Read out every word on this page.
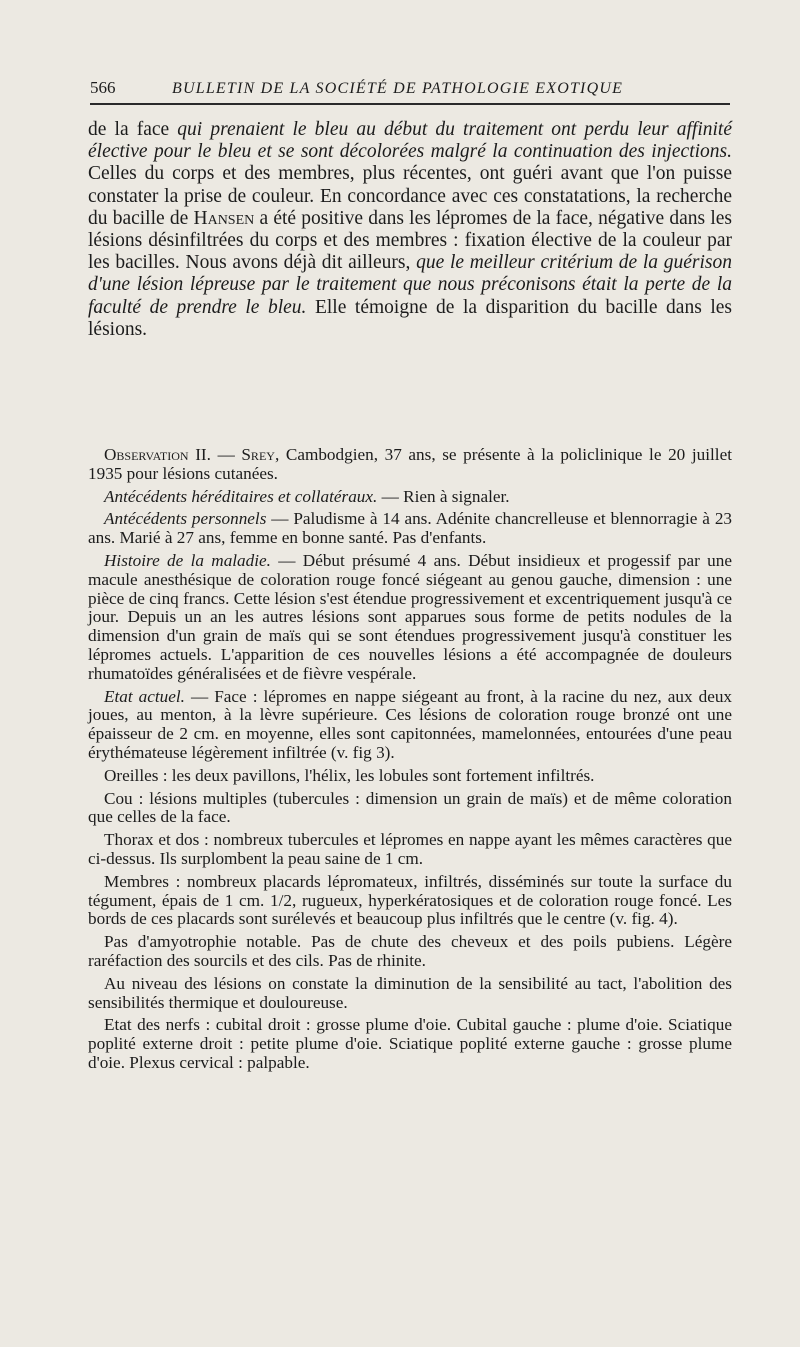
566	BULLETIN DE LA SOCIÉTÉ DE PATHOLOGIE EXOTIQUE

de la face qui prenaient le bleu au début du traitement ont perdu leur affinité élective pour le bleu et se sont décolorées malgré la continuation des injections. Celles du corps et des membres, plus récentes, ont guéri avant que l'on puisse constater la prise de couleur. En concordance avec ces constatations, la recherche du bacille de Hansen a été positive dans les lépromes de la face, négative dans les lésions désinfiltrées du corps et des membres : fixation élective de la couleur par les bacilles. Nous avons déjà dit ailleurs, que le meilleur critérium de la guérison d'une lésion lépreuse par le traitement que nous préconisons était la perte de la faculté de prendre le bleu. Elle témoigne de la disparition du bacille dans les lésions.

Observation II. — Srey, Cambodgien, 37 ans, se présente à la policlinique le 20 juillet 1935 pour lésions cutanées.

Antécédents héréditaires et collatéraux. — Rien à signaler.

Antécédents personnels — Paludisme à 14 ans. Adénite chancrelleuse et blennorragie à 23 ans. Marié à 27 ans, femme en bonne santé. Pas d'enfants.

Histoire de la maladie. — Début présumé 4 ans. Début insidieux et progessif par une macule anesthésique de coloration rouge foncé siégeant au genou gauche, dimension : une pièce de cinq francs. Cette lésion s'est étendue progressivement et excentriquement jusqu'à ce jour. Depuis un an les autres lésions sont apparues sous forme de petits nodules de la dimension d'un grain de maïs qui se sont étendues progressivement jusqu'à constituer les lépromes actuels. L'apparition de ces nouvelles lésions a été accompagnée de douleurs rhumatoïdes généralisées et de fièvre vespérale.

Etat actuel. — Face : lépromes en nappe siégeant au front, à la racine du nez, aux deux joues, au menton, à la lèvre supérieure. Ces lésions de coloration rouge bronzé ont une épaisseur de 2 cm. en moyenne, elles sont capitonnées, mamelonnées, entourées d'une peau érythémateuse légèrement infiltrée (v. fig 3).

Oreilles : les deux pavillons, l'hélix, les lobules sont fortement infiltrés.

Cou : lésions multiples (tubercules : dimension un grain de maïs) et de même coloration que celles de la face.

Thorax et dos : nombreux tubercules et lépromes en nappe ayant les mêmes caractères que ci-dessus. Ils surplombent la peau saine de 1 cm.

Membres : nombreux placards lépromateux, infiltrés, disséminés sur toute la surface du tégument, épais de 1 cm. 1/2, rugueux, hyperkératosiques et de coloration rouge foncé. Les bords de ces placards sont surélevés et beaucoup plus infiltrés que le centre (v. fig. 4).

Pas d'amyotrophie notable. Pas de chute des cheveux et des poils pubiens. Légère raréfaction des sourcils et des cils. Pas de rhinite.

Au niveau des lésions on constate la diminution de la sensibilité au tact, l'abolition des sensibilités thermique et douloureuse.

Etat des nerfs : cubital droit : grosse plume d'oie. Cubital gauche : plume d'oie. Sciatique poplité externe droit : petite plume d'oie. Sciatique poplité externe gauche : grosse plume d'oie. Plexus cervical : palpable.
